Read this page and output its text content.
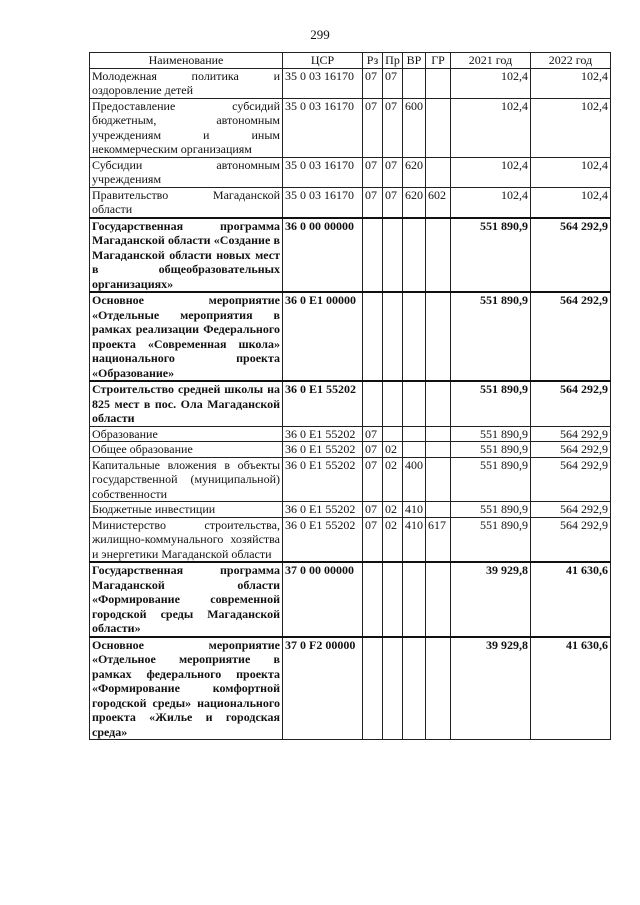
299
Наименование	ЦСР	Рз	Пр	ВР	ГР	2021 год	2022 год
Молодежная политика и оздоровление детей	35 0 03 16170	07	07			102,4	102,4
Предоставление субсидий бюджетным, автономным учреждениям и иным некоммерческим организациям	35 0 03 16170	07	07	600		102,4	102,4
Субсидии автономным учреждениям	35 0 03 16170	07	07	620		102,4	102,4
Правительство Магаданской области	35 0 03 16170	07	07	620	602	102,4	102,4
Государственная программа Магаданской области «Создание в Магаданской области новых мест в общеобразовательных организациях»	36 0 00 00000					551 890,9	564 292,9
Основное мероприятие «Отдельные мероприятия в рамках реализации Федерального проекта «Современная школа» национального проекта «Образование»	36 0 E1 00000					551 890,9	564 292,9
Строительство средней школы на 825 мест в пос. Ола Магаданской области	36 0 E1 55202					551 890,9	564 292,9
Образование	36 0 E1 55202	07				551 890,9	564 292,9
Общее образование	36 0 E1 55202	07	02			551 890,9	564 292,9
Капитальные вложения в объекты государственной (муниципальной) собственности	36 0 E1 55202	07	02	400		551 890,9	564 292,9
Бюджетные инвестиции	36 0 E1 55202	07	02	410		551 890,9	564 292,9
Министерство строительства, жилищно-коммунального хозяйства и энергетики Магаданской области	36 0 E1 55202	07	02	410	617	551 890,9	564 292,9
Государственная программа Магаданской области «Формирование современной городской среды Магаданской области»	37 0 00 00000					39 929,8	41 630,6
Основное мероприятие «Отдельное мероприятие в рамках федерального проекта «Формирование комфортной городской среды» национального проекта «Жилье и городская среда»	37 0 F2 00000					39 929,8	41 630,6
